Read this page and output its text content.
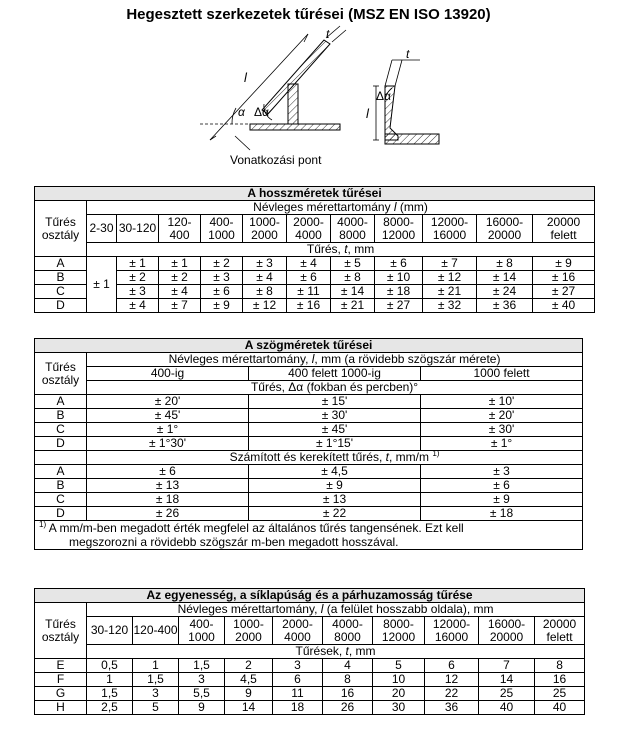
Hegesztett szerkezetek tűrései (MSZ EN ISO 13920)
l
t
Δα
α
Vonatkozási pont
l
t
Δα
A hosszméretek tűrései											
Tűrés osztály	Névleges mérettartomány l (mm)										
	2-30	30-120	120-400	400-1000	1000-2000	2000-4000	4000-8000	8000-12000	12000-16000	16000-20000	20000 felett
	Tűrés, t, mm										
A	± 1	± 1	± 1	± 2	± 3	± 4	± 5	± 6	± 7	± 8	± 9
B		± 2	± 2	± 3	± 4	± 6	± 8	± 10	± 12	± 14	± 16
C		± 3	± 4	± 6	± 8	± 11	± 14	± 18	± 21	± 24	± 27
D		± 4	± 7	± 9	± 12	± 16	± 21	± 27	± 32	± 36	± 40
A szögméretek tűrései			
Tűrés osztály	Névleges mérettartomány, l, mm (a rövidebb szögszár mérete)		
	400-ig	400 felett 1000-ig	1000 felett
	Tűrés, Δα (fokban és percben)°		
A	± 20'	± 15'	± 10'
B	± 45'	± 30'	± 20'
C	± 1°	± 45'	± 30'
D	± 1°30'	± 1°15'	± 1°
	Számított és kerekített tűrés, t, mm/m $^{1)}$
A	± 6	± 4,5	± 3
B	± 13	± 9	± 6
C	± 18	± 13	± 9
D	± 26	± 22	± 18
$^{1)}$ A mm/m-ben megadott érték megfelel az általános tűrés tangensének. Ezt kell
megszorozni a rövidebb szögszár m-ben megadott hosszával.			
Az egyenesség, a síklapúság és a párhuzamosság tűrése										
Tűrés osztály	Névleges mérettartomány, l (a felület hosszabb oldala), mm									
	30-120	120-400	400-1000	1000-2000	2000-4000	4000-8000	8000-12000	12000-16000	16000-20000	20000 felett
	Tűrések, t, mm									
E	0,5	1	1,5	2	3	4	5	6	7	8
F	1	1,5	3	4,5	6	8	10	12	14	16
G	1,5	3	5,5	9	11	16	20	22	25	25
H	2,5	5	9	14	18	26	30	36	40	40
